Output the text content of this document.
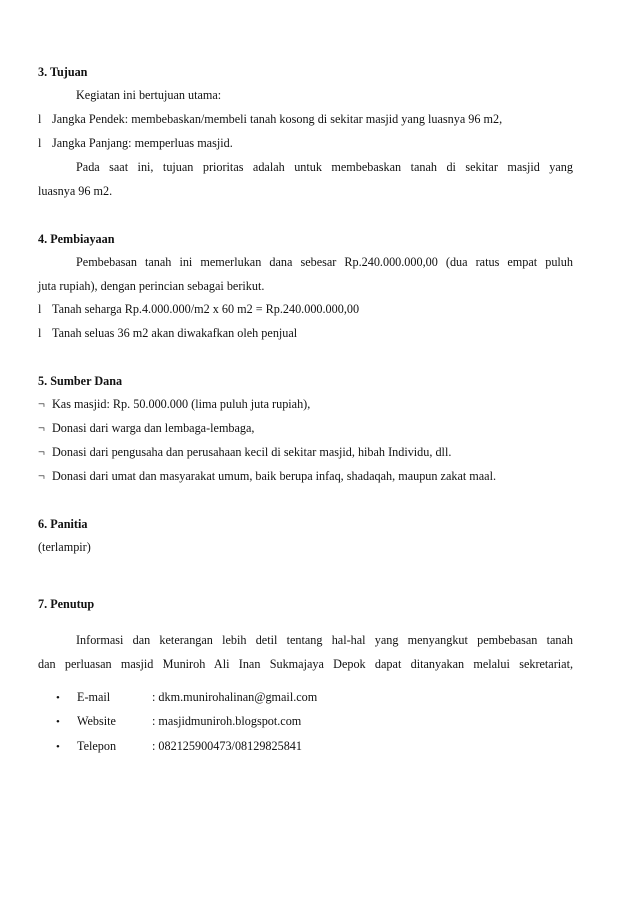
3. Tujuan
Kegiatan ini bertujuan utama:
l Jangka Pendek: membebaskan/membeli tanah kosong di sekitar masjid yang luasnya 96 m2,
l Jangka Panjang: memperluas masjid.
Pada saat ini, tujuan prioritas adalah untuk membebaskan tanah di sekitar masjid yang
luasnya 96 m2.
4. Pembiayaan
Pembebasan tanah ini memerlukan dana sebesar Rp.240.000.000,00 (dua ratus empat puluh
juta rupiah), dengan perincian sebagai berikut.
l Tanah seharga Rp.4.000.000/m2 x 60 m2 = Rp.240.000.000,00
l Tanah seluas 36 m2 akan diwakafkan oleh penjual
5. Sumber Dana
¬ Kas masjid: Rp. 50.000.000 (lima puluh juta rupiah),
¬ Donasi dari warga dan lembaga-lembaga,
¬ Donasi dari pengusaha dan perusahaan kecil di sekitar masjid, hibah Individu, dll.
¬ Donasi dari umat dan masyarakat umum, baik berupa infaq, shadaqah, maupun zakat maal.
6. Panitia
(terlampir)
7. Penutup
Informasi dan keterangan lebih detil tentang hal-hal yang menyangkut pembebasan tanah
dan perluasan masjid Muniroh Ali Inan Sukmajaya Depok dapat ditanyakan melalui sekretariat,
• E-mail	: dkm.munirohalinan@gmail.com
• Website	: masjidmuniroh.blogspot.com
• Telepon	: 082125900473/08129825841
